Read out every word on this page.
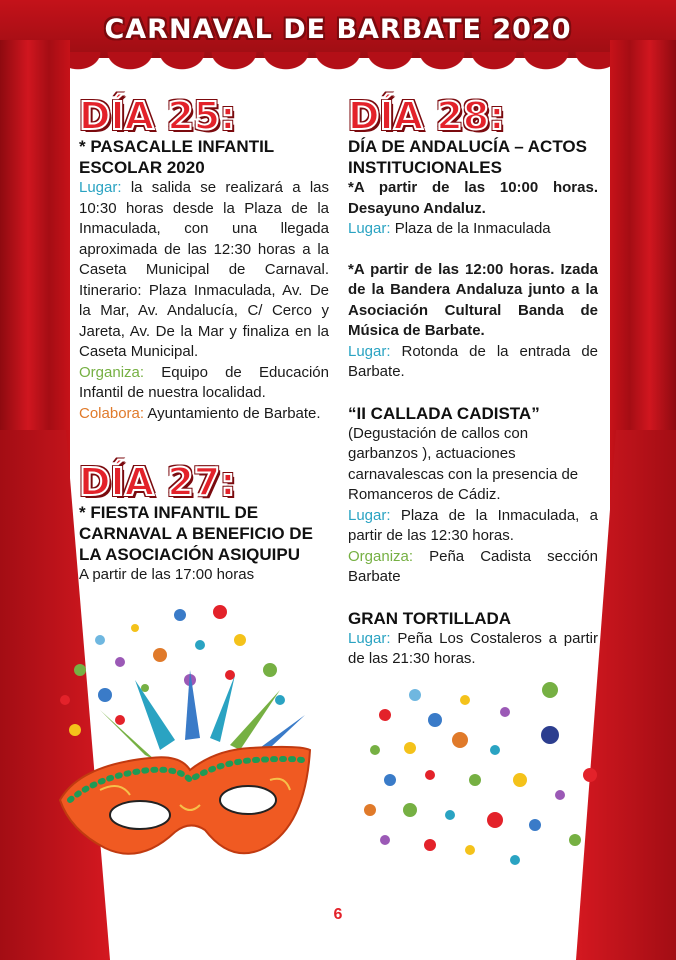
CARNAVAL DE BARBATE 2020
DÍA 25:
* PASACALLE INFANTIL ESCOLAR 2020

Lugar: la salida se realizará a las 10:30 horas desde la Plaza de la Inmaculada, con una llegada aproximada de las 12:30 horas a la Caseta Municipal de Carnaval. Itinerario: Plaza Inmaculada, Av. De la Mar, Av. Andalucía, C/ Cerco y Jareta, Av. De la Mar y finaliza en la Caseta Municipal.

Organiza: Equipo de Educación Infantil de nuestra localidad.

Colabora: Ayuntamiento de Barbate.

DÍA 27:
* FIESTA INFANTIL DE CARNAVAL A BENEFICIO DE LA ASOCIACIÓN ASIQUIPU

A partir de las 17:00 horas

DÍA 28:
DÍA DE ANDALUCÍA – ACTOS INSTITUCIONALES

*A partir de las 10:00 horas. Desayuno Andaluz.

Lugar: Plaza de la Inmaculada

*A partir de las 12:00 horas. Izada de la Bandera Andaluza junto a la Asociación Cultural Banda de Música de Barbate.

Lugar: Rotonda de la entrada de Barbate.

“II CALLADA CADISTA”

(Degustación de callos con garbanzos ), actuaciones carnavalescas con la presencia de Romanceros de Cádiz.

Lugar: Plaza de la Inmaculada, a partir de las 12:30 horas.

Organiza: Peña Cadista sección Barbate

GRAN TORTILLADA

Lugar: Peña Los Costaleros a partir de las 21:30 horas.

6
